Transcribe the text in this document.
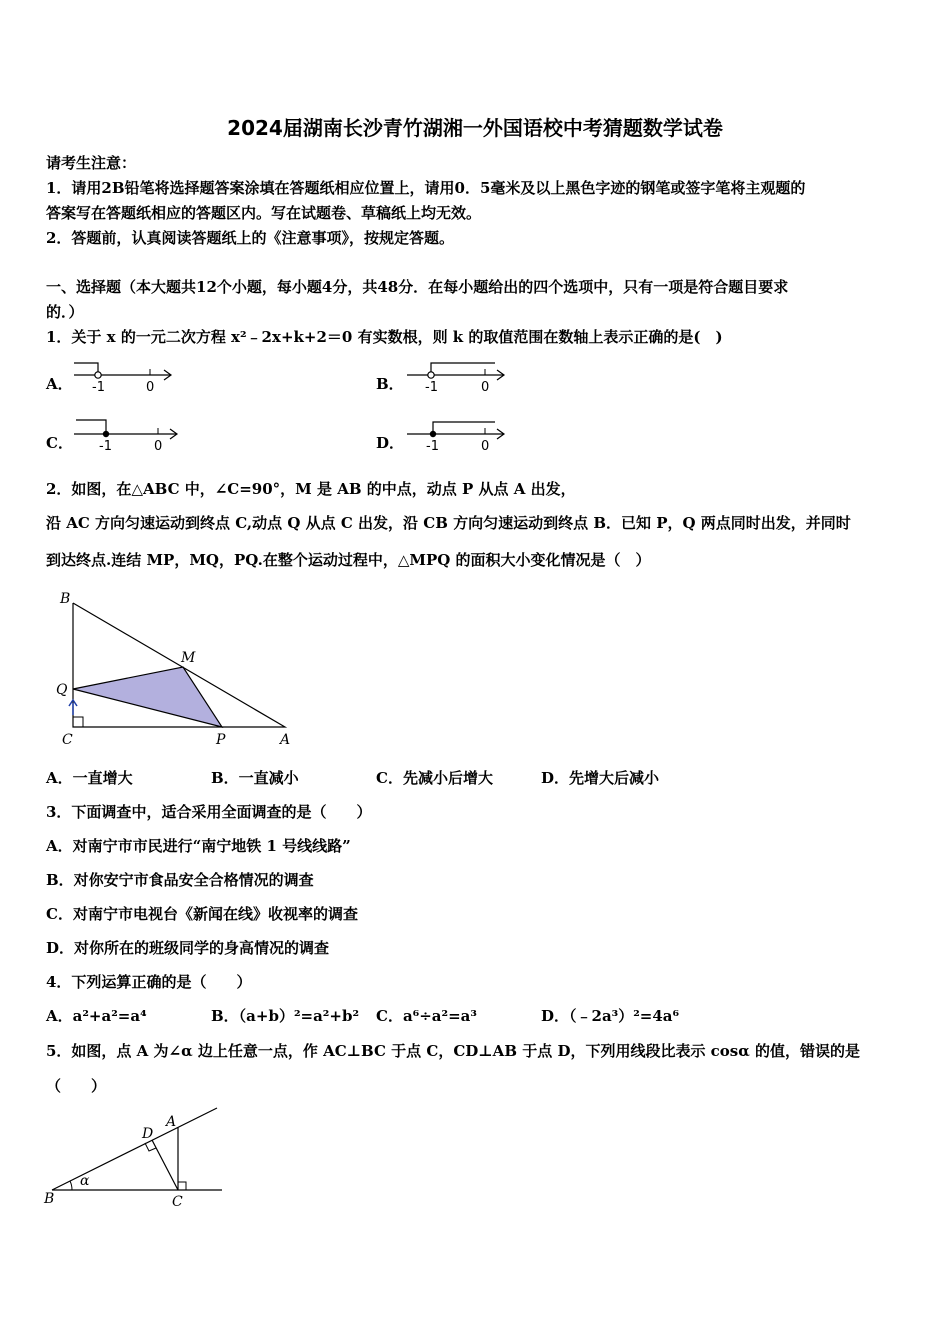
2024届湖南长沙青竹湖湘一外国语校中考猜题数学试卷
请考生注意：
1．请用2B铅笔将选择题答案涂填在答题纸相应位置上，请用0．5毫米及以上黑色字迹的钢笔或签字笔将主观题的
答案写在答题纸相应的答题区内。写在试题卷、草稿纸上均无效。
2．答题前，认真阅读答题纸上的《注意事项》，按规定答题。
一、选择题（本大题共12个小题，每小题4分，共48分．在每小题给出的四个选项中，只有一项是符合题目要求
的．）
1．关于 x 的一元二次方程 x²﹣2x+k+2＝0 有实数根，则 k 的取值范围在数轴上表示正确的是(　)
A． -1	0	B． -1	0
C． -1	0	D． -1	0
2．如图，在△ABC 中，∠C=90°，M 是 AB 的中点，动点 P 从点 A 出发，
沿 AC 方向匀速运动到终点 C,动点 Q 从点 C 出发，沿 CB 方向匀速运动到终点 B．已知 P，Q 两点同时出发，并同时
到达终点.连结 MP，MQ，PQ.在整个运动过程中，△MPQ 的面积大小变化情况是（　）
B
M
Q
C	P	A
A．一直增大	B．一直减小	C．先减小后增大	D．先增大后减小
3．下面调查中，适合采用全面调查的是（　　）
A．对南宁市市民进行“南宁地铁 1 号线线路”
B．对你安宁市食品安全合格情况的调查
C．对南宁市电视台《新闻在线》收视率的调查
D．对你所在的班级同学的身高情况的调查
4．下列运算正确的是（　　）
A．a²+a²=a⁴	B．（a+b）²=a²+b² C．a⁶÷a²=a³	D．（﹣2a³）²=4a⁶
5．如图，点 A 为∠α 边上任意一点，作 AC⊥BC 于点 C，CD⊥AB 于点 D，下列用线段比表示 cosα 的值，错误的是
（　　）
D
A
α
B	C
